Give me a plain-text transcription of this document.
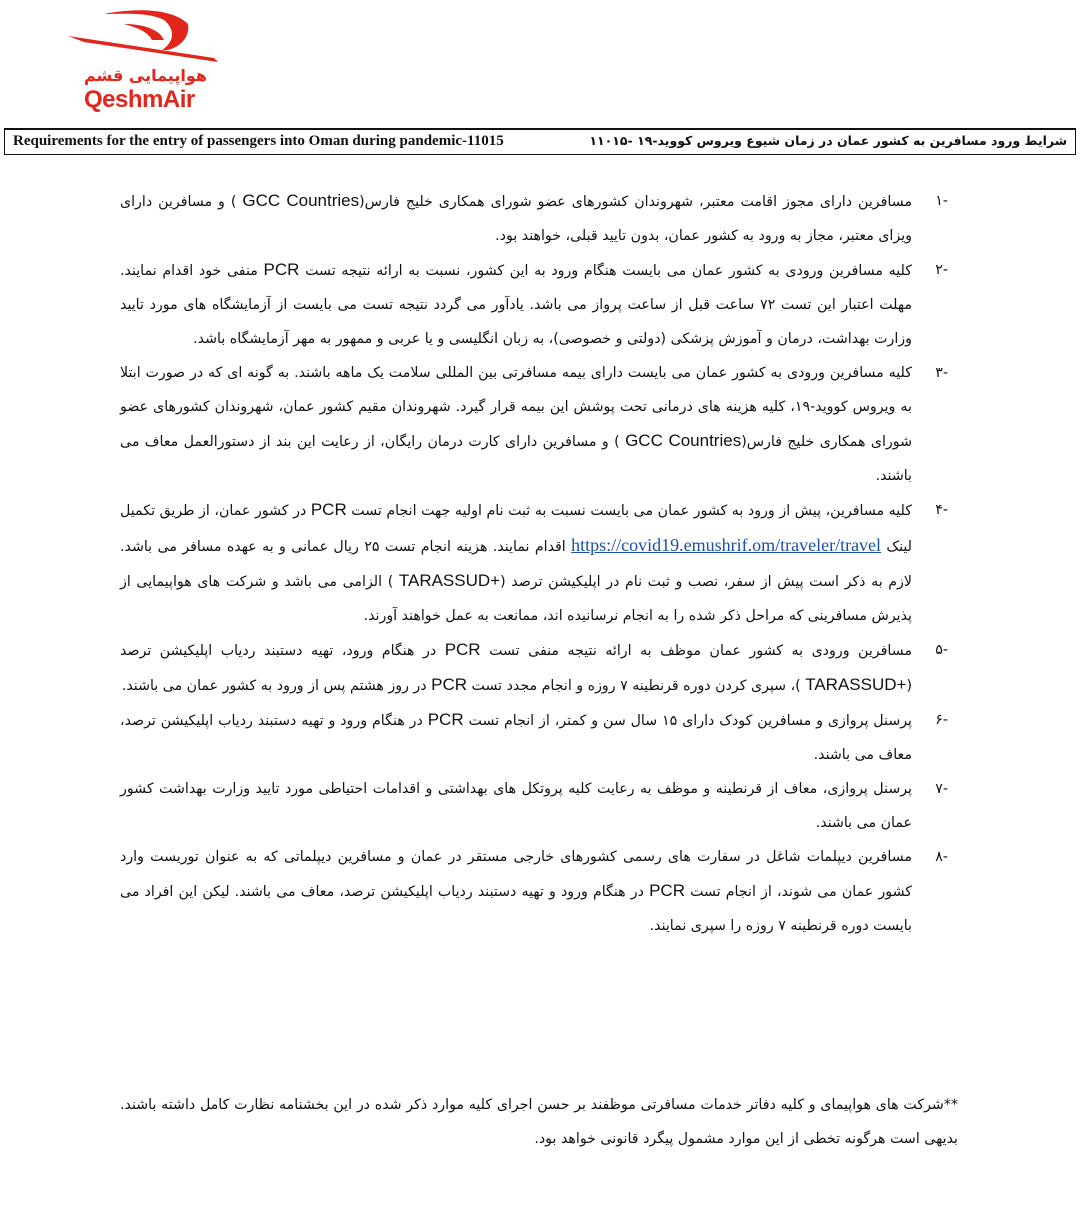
هواپیمایی قشم
QeshmAir
Requirements for the entry of passengers into Oman during pandemic-11015	شرایط ورود مسافرین به کشور عمان در زمان شیوع ویروس کووید-۱۹ -۱۱۰۱۵
-۱
مسافرین دارای مجوز اقامت معتبر، شهروندان کشورهای عضو شورای همکاری خلیج فارس(GCC Countries ) و مسافرین دارای ویزای معتبر، مجاز به ورود به کشور عمان، بدون تایید قبلی، خواهند بود.
-۲
کلیه مسافرین ورودی به کشور عمان می بایست هنگام ورود به این کشور، نسبت به ارائه نتیجه تست PCR منفی خود اقدام نمایند. مهلت اعتبار این تست ۷۲ ساعت قبل از ساعت پرواز می باشد. یادآور می گردد نتیجه تست می بایست از آزمایشگاه های مورد تایید وزارت بهداشت، درمان و آموزش پزشکی (دولتی و خصوصی)، به زبان انگلیسی و یا عربی و ممهور به مهر آزمایشگاه باشد.
-۳
کلیه مسافرین ورودی به کشور عمان می بایست دارای بیمه مسافرتی بین المللی سلامت یک ماهه باشند. به گونه ای که در صورت ابتلا به ویروس کووید-۱۹، کلیه هزینه های درمانی تحت پوشش این بیمه قرار گیرد. شهروندان مقیم کشور عمان، شهروندان کشورهای عضو شورای همکاری خلیج فارس(GCC Countries ) و مسافرین دارای کارت درمان رایگان، از رعایت این بند از دستورالعمل معاف می باشند.
-۴
کلیه مسافرین، پیش از ورود به کشور عمان می بایست نسبت به ثبت نام اولیه جهت انجام تست PCR در کشور عمان، از طریق تکمیل لینک https://covid19.emushrif.om/traveler/travel اقدام نمایند. هزینه انجام تست ۲۵ ریال عمانی و به عهده مسافر می باشد. لازم به ذکر است پیش از سفر، نصب و ثبت نام در اپلیکیشن ترصد (TARASSUD+ ) الزامی می باشد و شرکت های هواپیمایی از پذیرش مسافرینی که مراحل ذکر شده را به انجام نرسانیده اند، ممانعت به عمل خواهند آورند.
-۵
مسافرین ورودی به کشور عمان موظف به ارائه نتیجه منفی تست PCR در هنگام ورود، تهیه دستبند ردیاب اپلیکیشن ترصد (TARASSUD+ )، سپری کردن دوره قرنطینه ۷ روزه و انجام مجدد تست PCR در روز هشتم پس از ورود به کشور عمان می باشند.
-۶
پرسنل پروازی و مسافرین کودک دارای ۱۵ سال سن و کمتر، از انجام تست PCR در هنگام ورود و تهیه دستبند ردیاب اپلیکیشن ترصد، معاف می باشند.
-۷
پرسنل پروازی، معاف از قرنطینه و موظف به رعایت کلیه پروتکل های بهداشتی و اقدامات احتیاطی مورد تایید وزارت بهداشت کشور عمان می باشند.
-۸
مسافرین دیپلمات شاغل در سفارت های رسمی کشورهای خارجی مستقر در عمان و مسافرین دیپلماتی که به عنوان توریست وارد کشور عمان می شوند، از انجام تست PCR در هنگام ورود و تهیه دستبند ردیاب اپلیکیشن ترصد، معاف می باشند. لیکن این افراد می بایست دوره قرنطینه ۷ روزه را سپری نمایند.
**شرکت های هواپیمای و کلیه دفاتر خدمات مسافرتی موظفند بر حسن اجرای کلیه موارد ذکر شده در این بخشنامه نظارت کامل داشته باشند. بدیهی است هرگونه تخطی از این موارد مشمول پیگرد قانونی خواهد بود.
